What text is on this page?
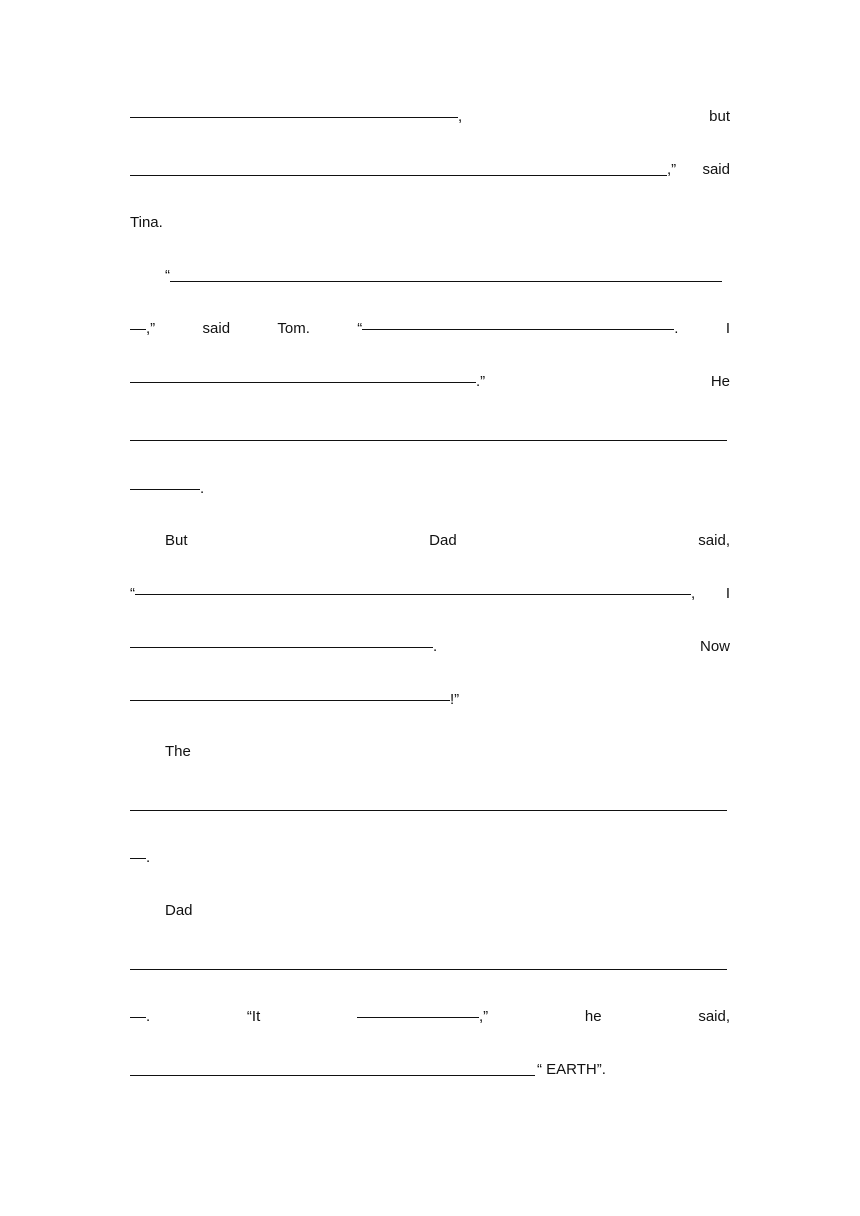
,	but
,” said
Tina.
“
,”	said	Tom.	“	.	I
.”	He
.
But	Dad	said,
“	, I
.	Now
!”
The
.
Dad
.	“It	,”	he	said,
“ EARTH”.
